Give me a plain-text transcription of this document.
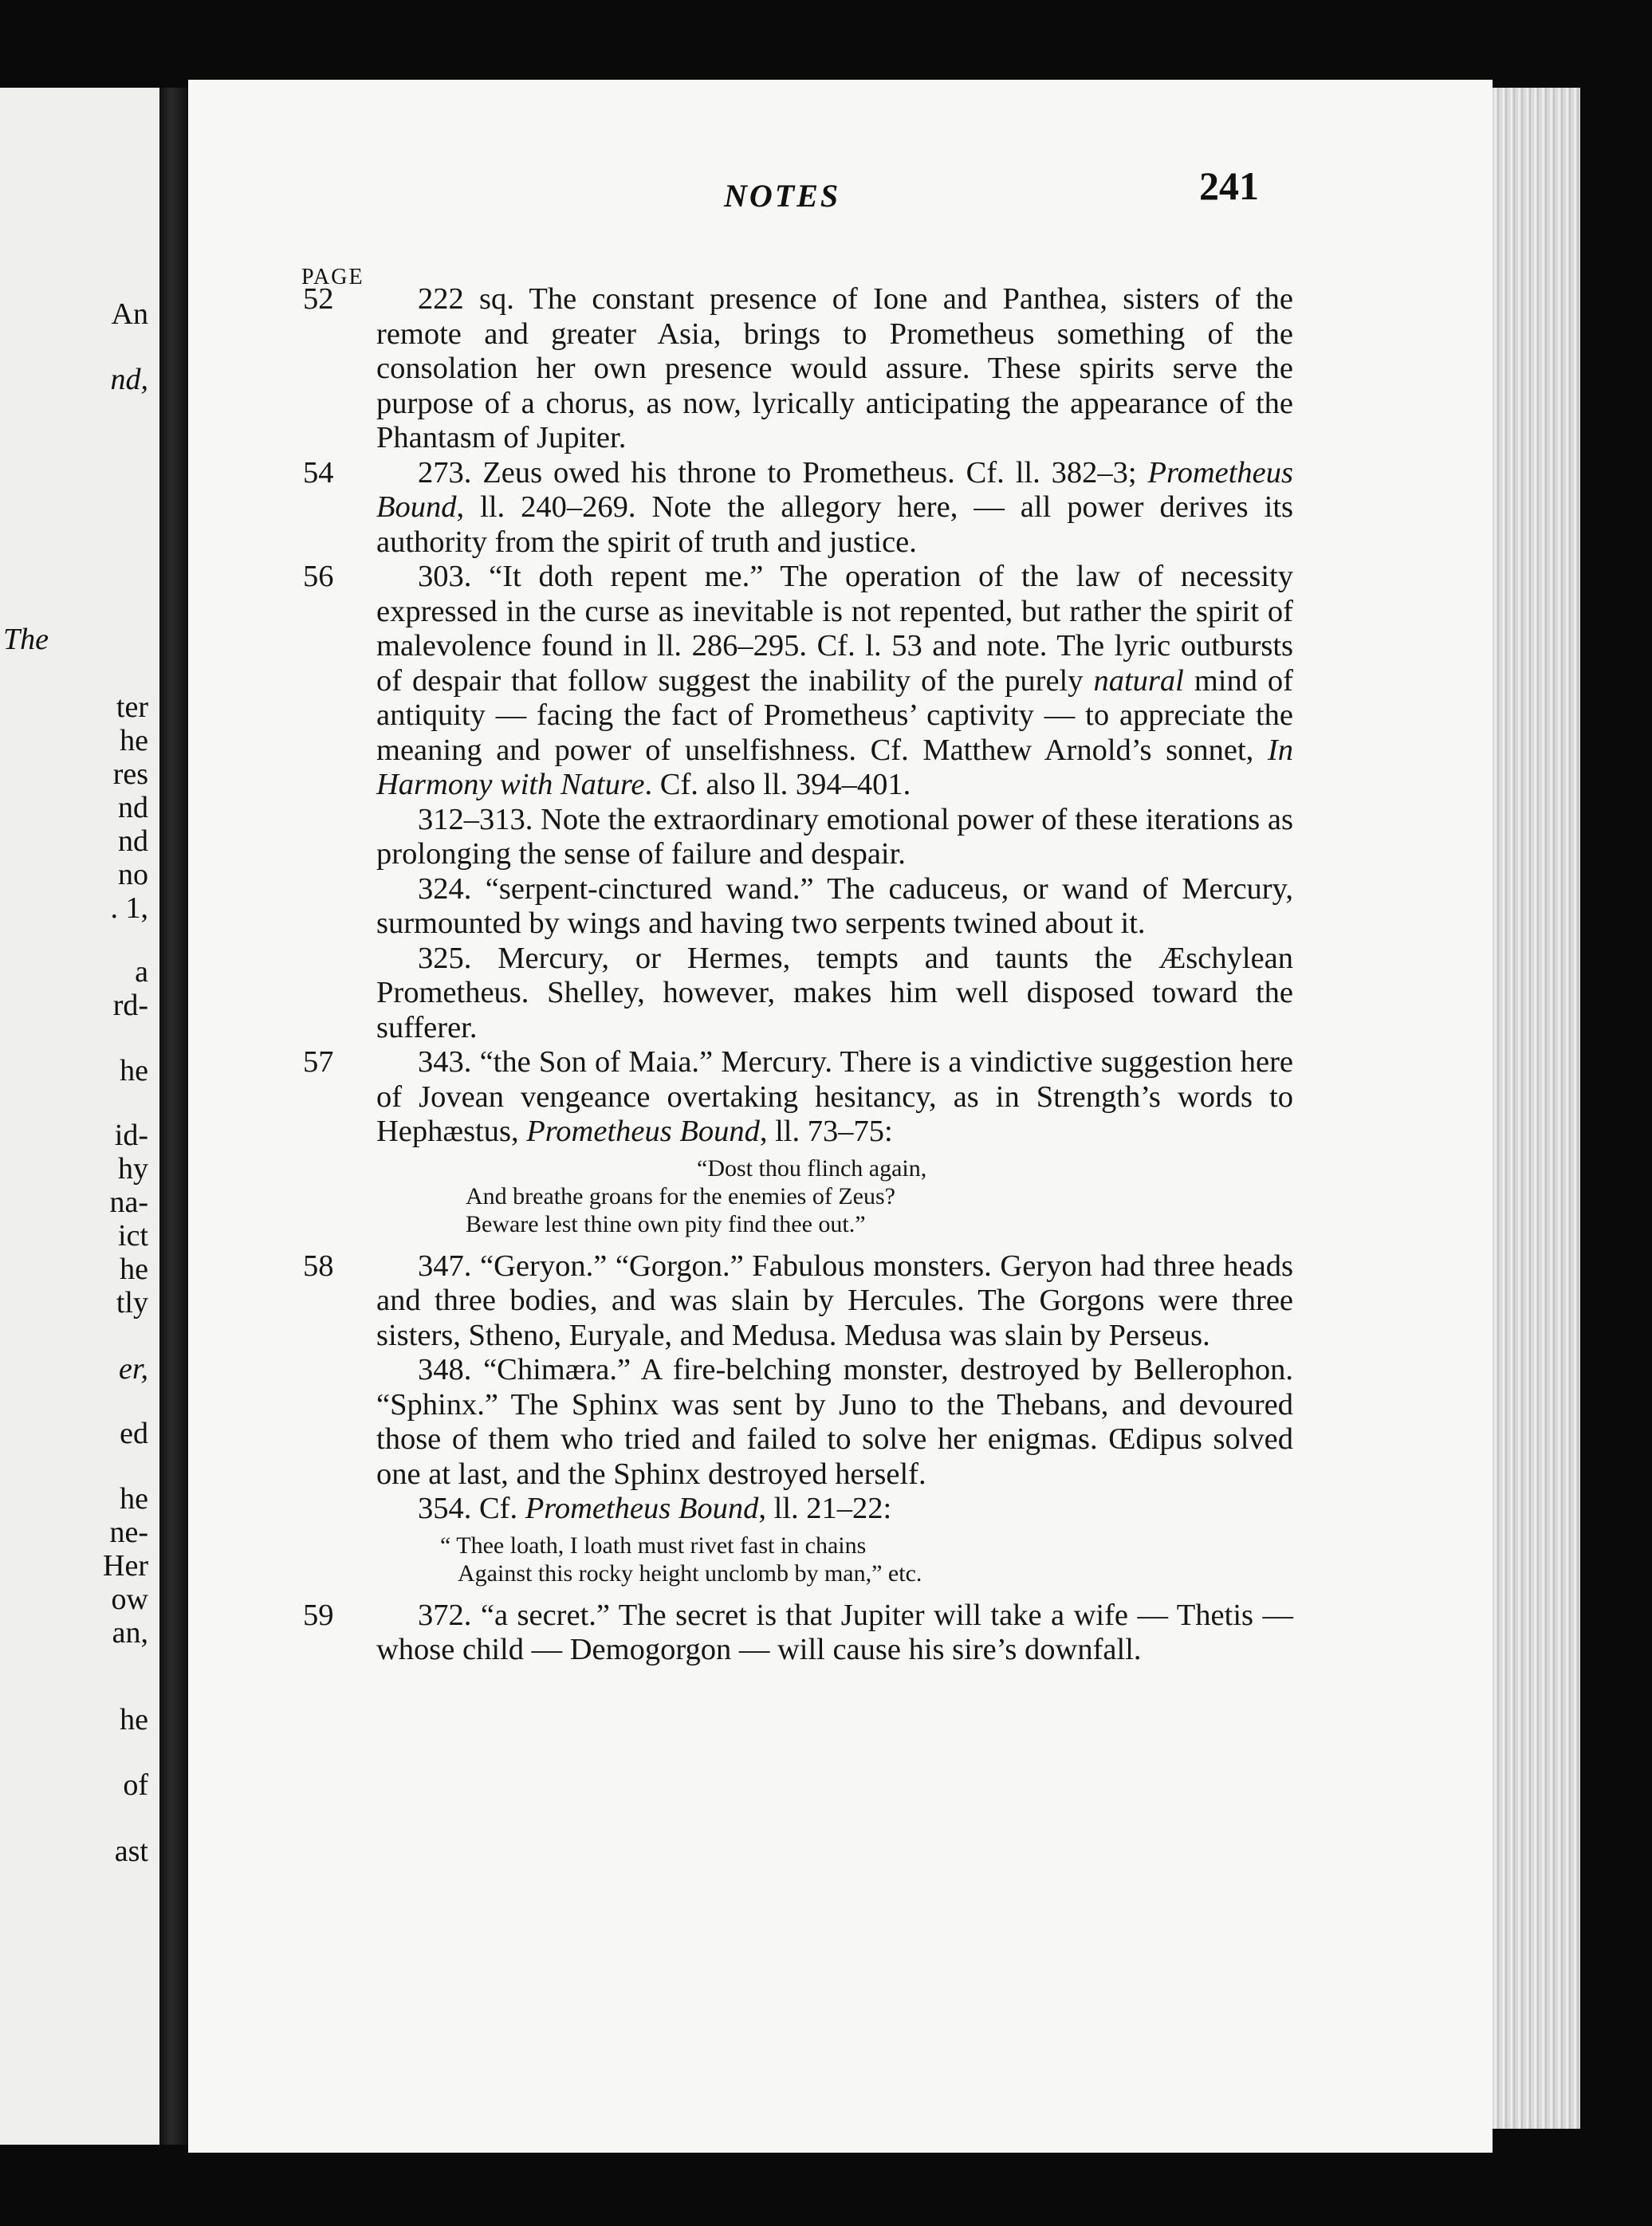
An
nd,
The
ter
he
res
nd
nd
no
. 1,
a
rd-
he
id-
hy
na-
ict
he
tly
er,
ed
he
ne-
Her
ow
an,
he
of
ast
NOTES	241
PAGE
52	222 sq. The constant presence of Ione and Panthea, sisters of the remote and greater Asia, brings to Prometheus something of the consolation her own presence would assure. These spirits serve the purpose of a chorus, as now, lyrically anticipating the appearance of the Phantasm of Jupiter.

54	273. Zeus owed his throne to Prometheus. Cf. ll. 382–3; Prometheus Bound, ll. 240–269. Note the allegory here, — all power derives its authority from the spirit of truth and justice.

56	303. “It doth repent me.” The operation of the law of necessity expressed in the curse as inevitable is not repented, but rather the spirit of malevolence found in ll. 286–295. Cf. l. 53 and note. The lyric outbursts of despair that follow suggest the inability of the purely natural mind of antiquity — facing the fact of Prometheus’ captivity — to appreciate the meaning and power of unselfishness. Cf. Matthew Arnold’s sonnet, In Harmony with Nature. Cf. also ll. 394–401.

312–313. Note the extraordinary emotional power of these iterations as prolonging the sense of failure and despair.

324. “serpent-cinctured wand.” The caduceus, or wand of Mercury, surmounted by wings and having two serpents twined about it.

325. Mercury, or Hermes, tempts and taunts the Æschylean Prometheus. Shelley, however, makes him well disposed toward the sufferer.

57	343. “the Son of Maia.” Mercury. There is a vindictive suggestion here of Jovean vengeance overtaking hesitancy, as in Strength’s words to Hephæstus, Prometheus Bound, ll. 73–75:

“Dost thou flinch again,
And breathe groans for the enemies of Zeus?
Beware lest thine own pity find thee out.”
58	347. “Geryon.” “Gorgon.” Fabulous monsters. Geryon had three heads and three bodies, and was slain by Hercules. The Gorgons were three sisters, Stheno, Euryale, and Medusa. Medusa was slain by Perseus.

348. “Chimæra.” A fire-belching monster, destroyed by Bellerophon. “Sphinx.” The Sphinx was sent by Juno to the Thebans, and devoured those of them who tried and failed to solve her enigmas. Œdipus solved one at last, and the Sphinx destroyed herself.

354. Cf. Prometheus Bound, ll. 21–22:

“ Thee loath, I loath must rivet fast in chains
Against this rocky height unclomb by man,” etc.
59	372. “a secret.” The secret is that Jupiter will take a wife — Thetis — whose child — Demogorgon — will cause his sire’s downfall.
